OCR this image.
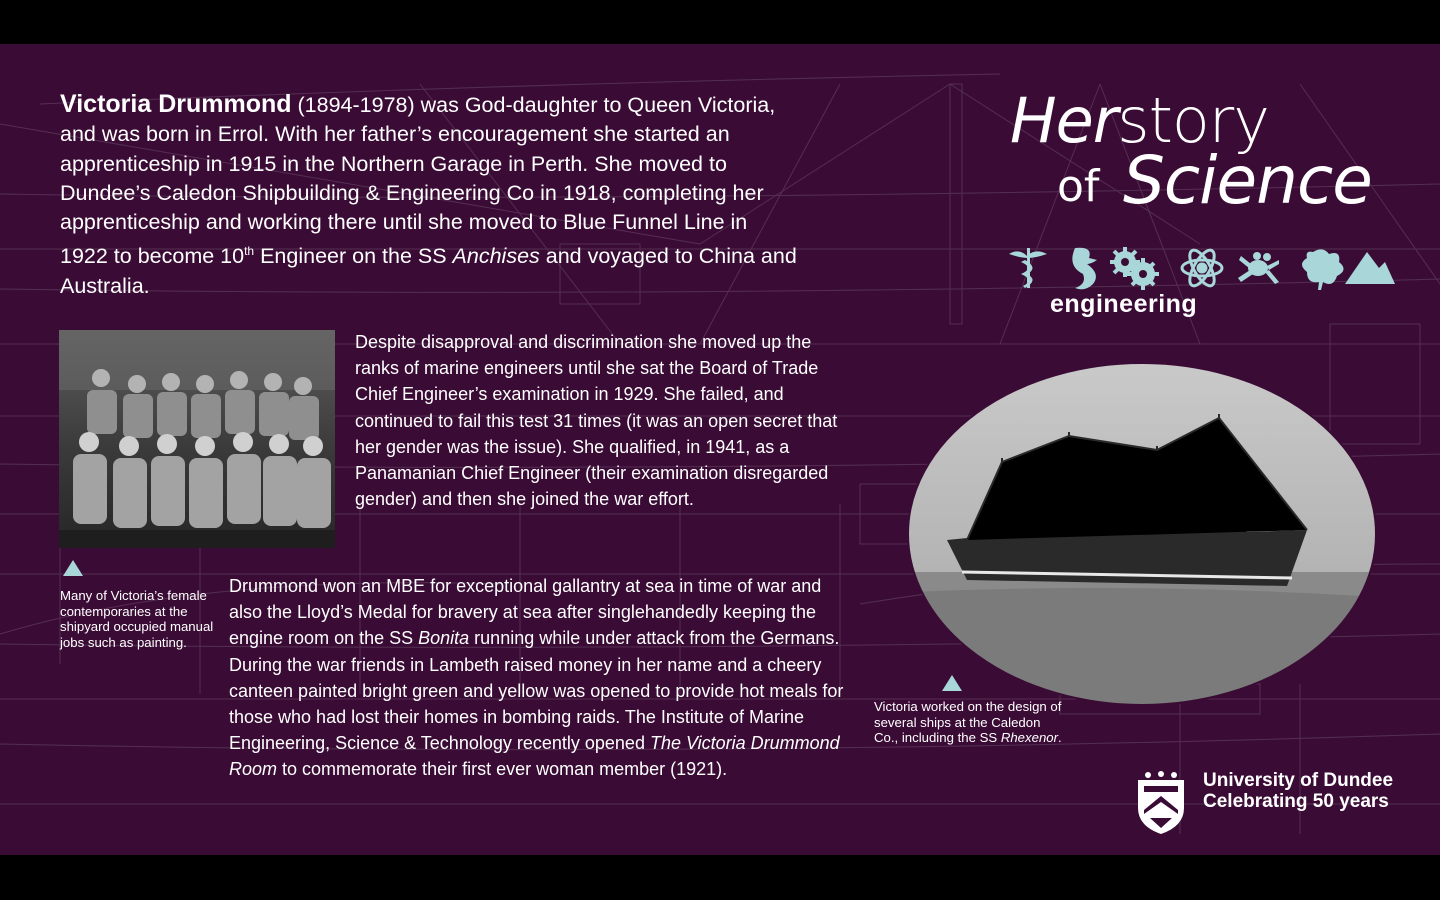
Victoria Drummond (1894-1978) was God-daughter to Queen Victoria, and was born in Errol. With her father’s encouragement she started an apprenticeship in 1915 in the Northern Garage in Perth. She moved to Dundee’s Caledon Shipbuilding & Engineering Co in 1918, completing her apprenticeship and working there until she moved to Blue Funnel Line in 1922 to become 10th Engineer on the SS Anchises and voyaged to China and Australia.
Many of Victoria’s female contemporaries at the shipyard occupied manual jobs such as painting.
Despite disapproval and discrimination she moved up the ranks of marine engineers until she sat the Board of Trade Chief Engineer’s examination in 1929. She failed, and continued to fail this test 31 times (it was an open secret that her gender was the issue). She qualified, in 1941, as a Panamanian Chief Engineer (their examination disregarded gender) and then she joined the war effort.
Drummond won an MBE for exceptional gallantry at sea in time of war and also the Lloyd’s Medal for bravery at sea after singlehandedly keeping the engine room on the SS Bonita running while under attack from the Germans. During the war friends in Lambeth raised money in her name and a cheery canteen painted bright green and yellow was opened to provide hot meals for those who had lost their homes in bombing raids. The Institute of Marine Engineering, Science & Technology recently opened The Victoria Drummond Room to commemorate their first ever woman member (1921).
Herstory
of Science
engineering
Victoria worked on the design of several ships at the Caledon Co., including the SS Rhexenor.
University of Dundee
Celebrating 50 years
